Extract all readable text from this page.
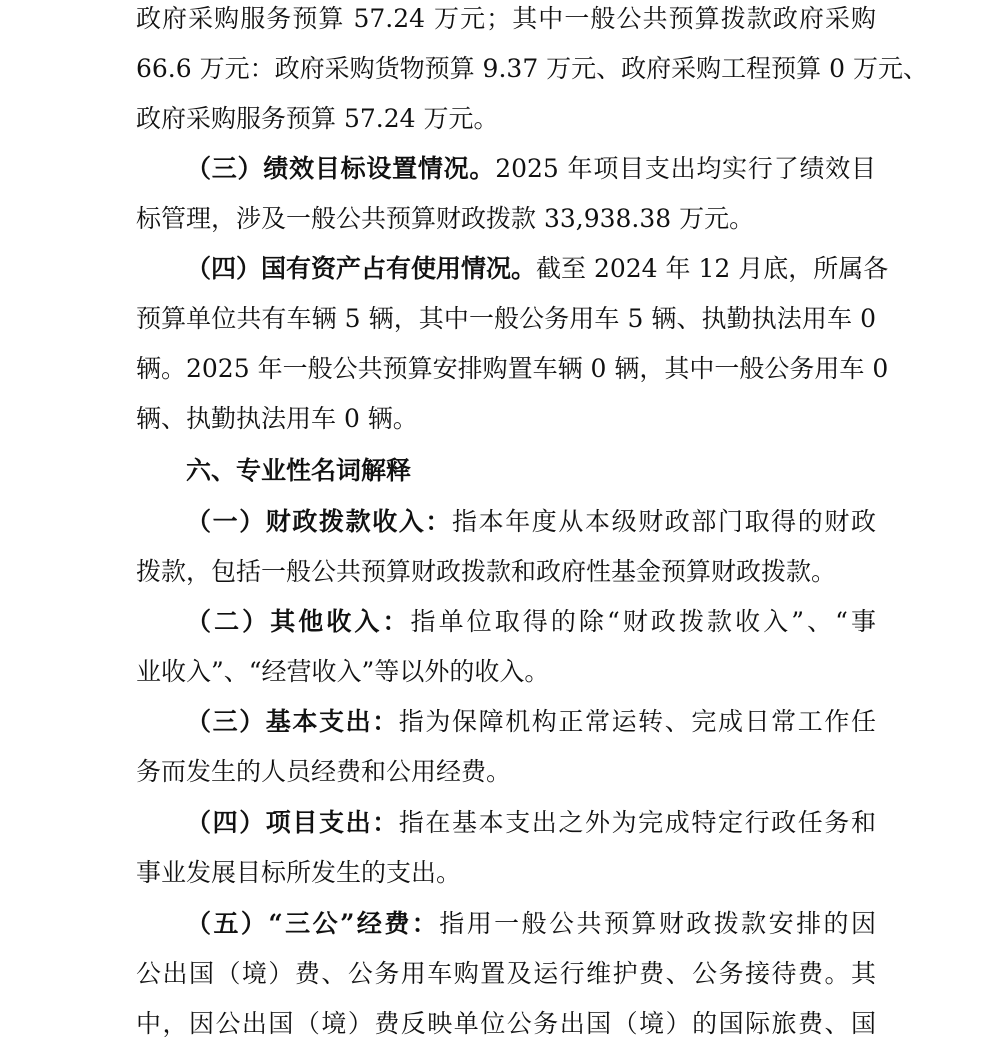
政府采购服务预算 57.24 万元；其中一般公共预算拨款政府采购
66.6 万元：政府采购货物预算 9.37 万元、政府采购工程预算 0 万元、
政府采购服务预算 57.24 万元。
（三）绩效目标设置情况。2025 年项目支出均实行了绩效目
标管理，涉及一般公共预算财政拨款 33,938.38 万元。
（四）国有资产占有使用情况。截至 2024 年 12 月底，所属各
预算单位共有车辆 5 辆，其中一般公务用车 5 辆、执勤执法用车 0
辆。2025 年一般公共预算安排购置车辆 0 辆，其中一般公务用车 0
辆、执勤执法用车 0 辆。
六、专业性名词解释
（一）财政拨款收入：指本年度从本级财政部门取得的财政
拨款，包括一般公共预算财政拨款和政府性基金预算财政拨款。
（二）其他收入：指单位取得的除“财政拨款收入”、“事
业收入”、“经营收入”等以外的收入。
（三）基本支出：指为保障机构正常运转、完成日常工作任
务而发生的人员经费和公用经费。
（四）项目支出：指在基本支出之外为完成特定行政任务和
事业发展目标所发生的支出。
（五）“三公”经费：指用一般公共预算财政拨款安排的因
公出国（境）费、公务用车购置及运行维护费、公务接待费。其
中，因公出国（境）费反映单位公务出国（境）的国际旅费、国
